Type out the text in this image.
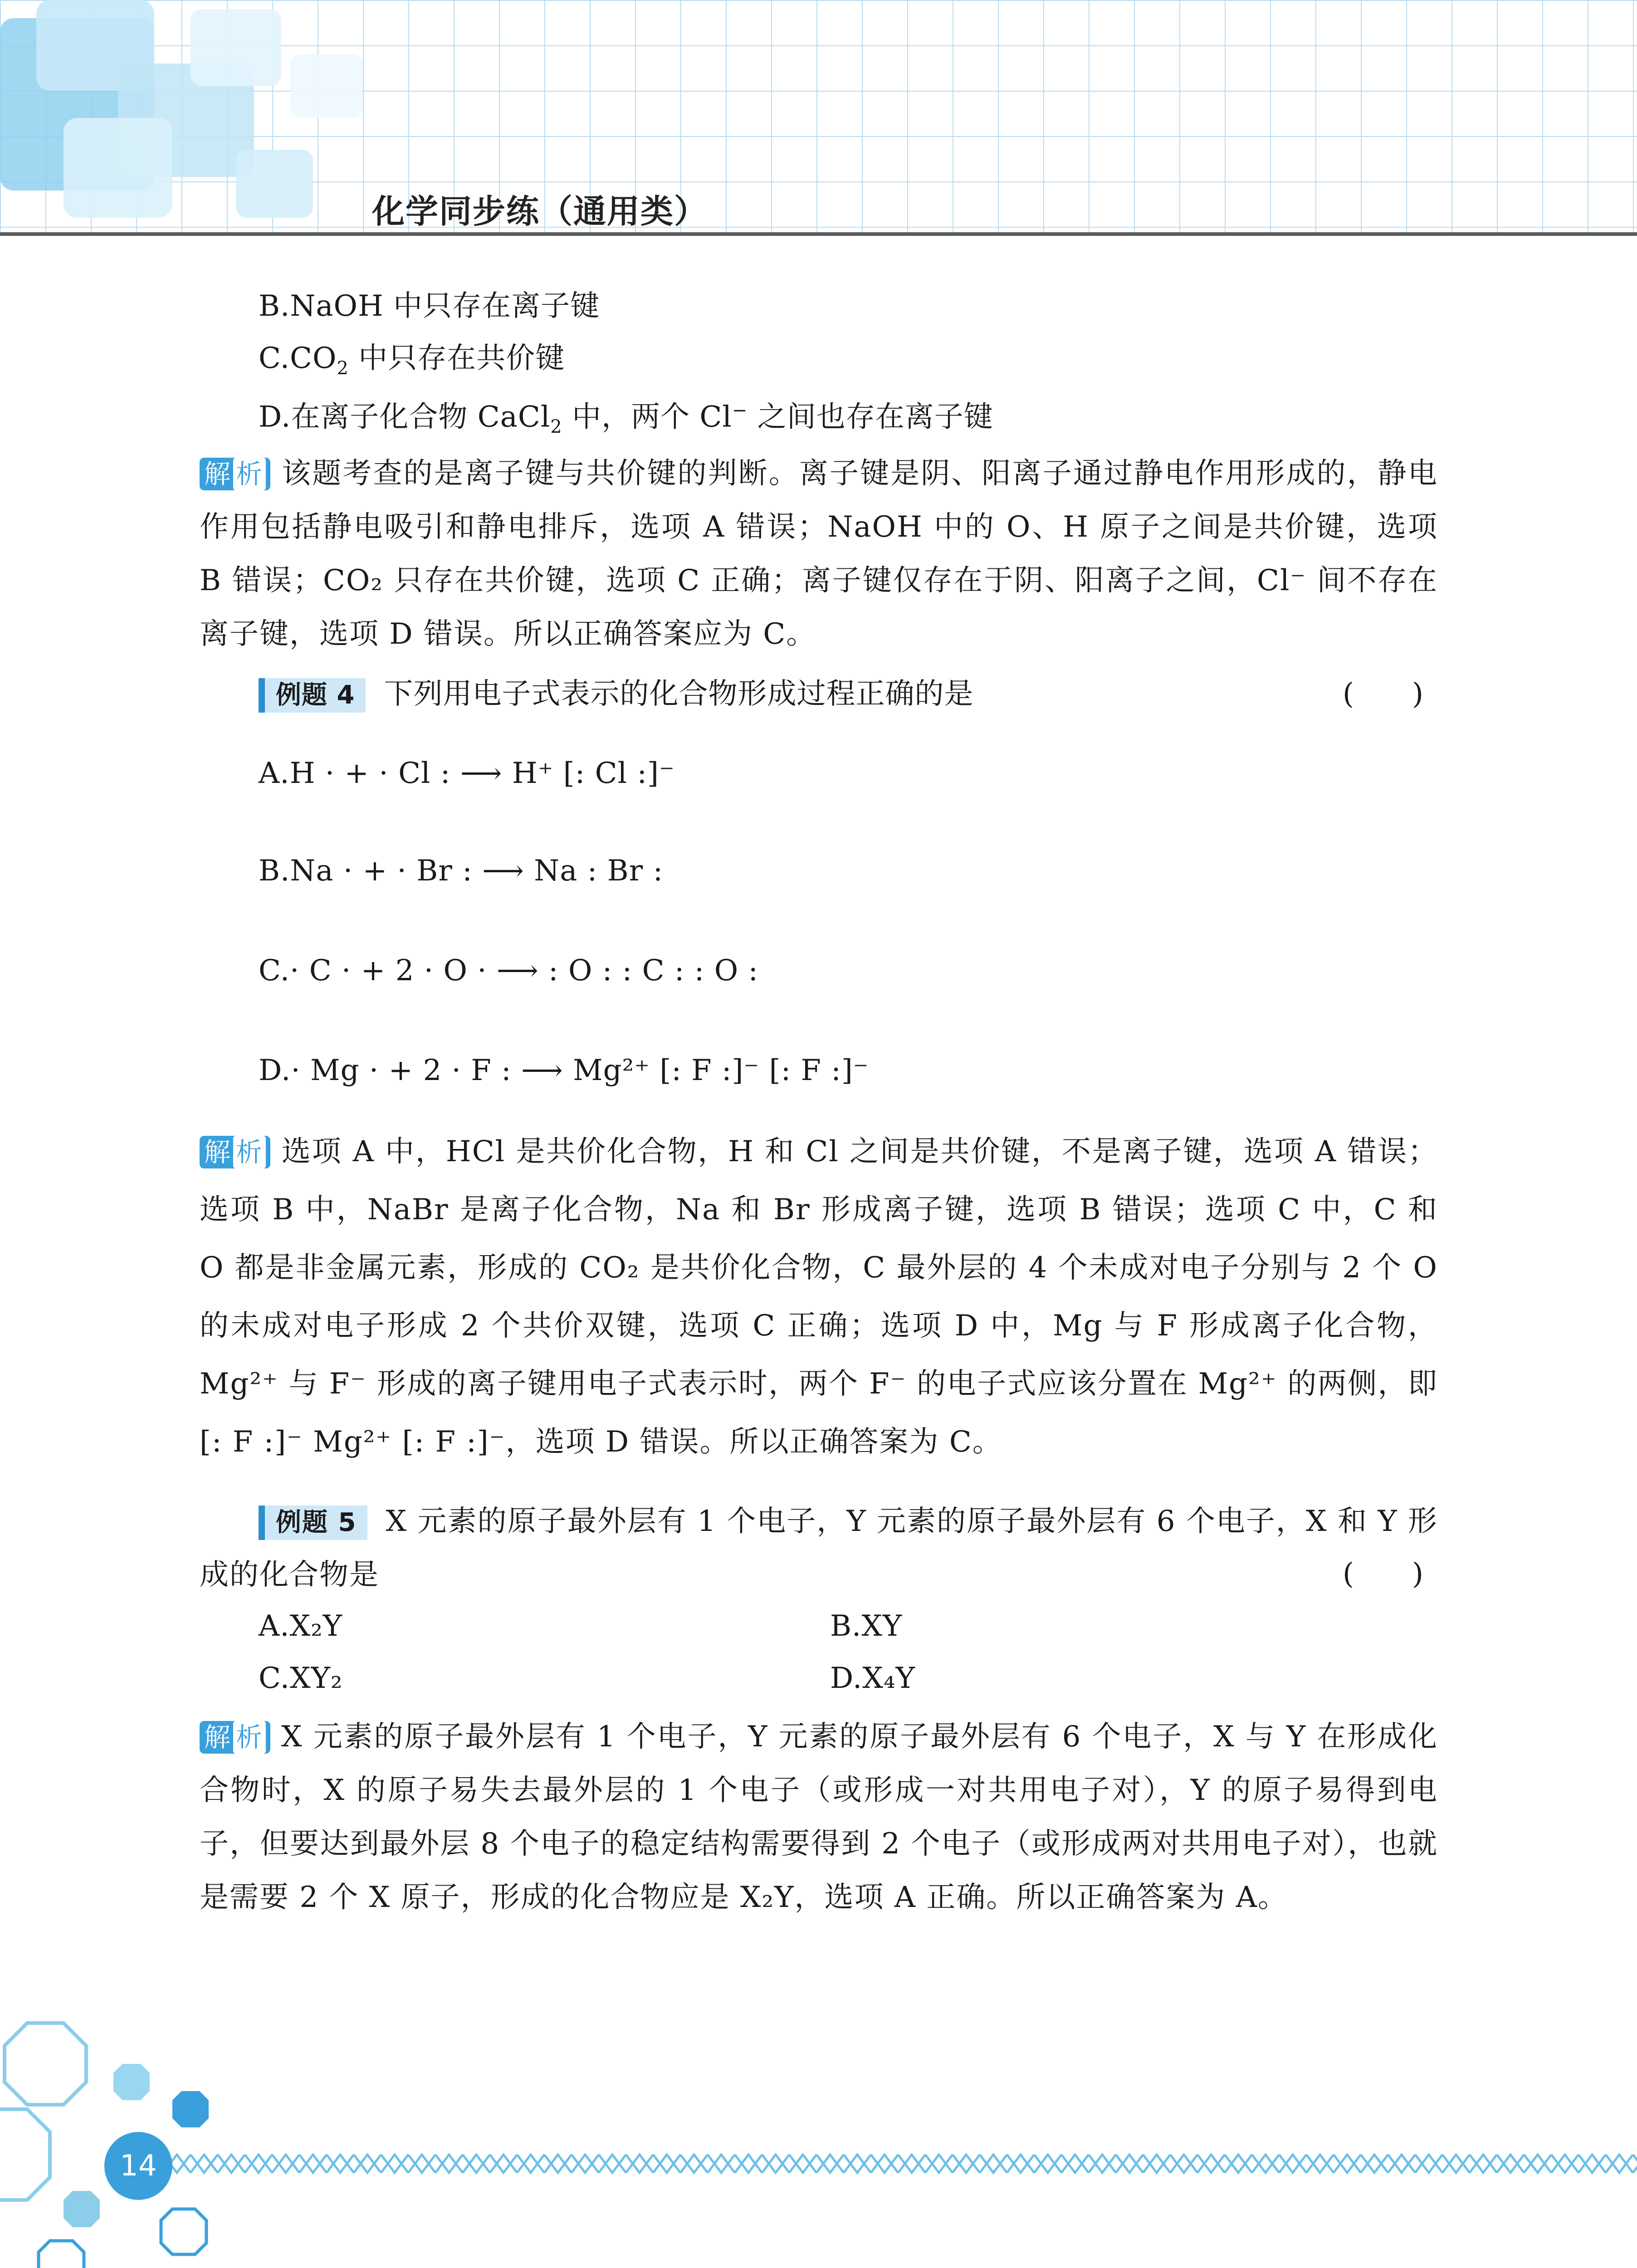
化学同步练（通用类）
B.NaOH 中只存在离子键
$C.CO_2$ 中只存在共价键
D.在离子化合物 CaCl$_2$ 中，两个 Cl− 之间也存在离子键
解 析 该题考查的是离子键与共价键的判断。离子键是阴、阳离子通过静电作用形成的，静电作用包括静电吸引和静电排斥，选项 A 错误；NaOH 中的 O、H 原子之间是共价键，选项 B 错误；CO₂ 只存在共价键，选项 C 正确；离子键仅存在于阴、阳离子之间，Cl⁻ 间不存在离子键，选项 D 错误。所以正确答案应为 C。
例题 4 下列用电子式表示的化合物形成过程正确的是	(　　)
A.H · + · Cl : ⟶ H⁺ [: Cl :]⁻
B.Na · + · Br : ⟶ Na : Br :
C.· C · + 2 · O · ⟶ : O : : C : : O :
D.· Mg · + 2 · F : ⟶ Mg²⁺ [: F :]⁻ [: F :]⁻
解 析 选项 A 中，HCl 是共价化合物，H 和 Cl 之间是共价键，不是离子键，选项 A 错误；选项 B 中，NaBr 是离子化合物，Na 和 Br 形成离子键，选项 B 错误；选项 C 中，C 和 O 都是非金属元素，形成的 CO₂ 是共价化合物，C 最外层的 4 个未成对电子分别与 2 个 O 的未成对电子形成 2 个共价双键，选项 C 正确；选项 D 中，Mg 与 F 形成离子化合物，Mg²⁺ 与 F⁻ 形成的离子键用电子式表示时，两个 F⁻ 的电子式应该分置在 Mg²⁺ 的两侧，即 [: F :]⁻ Mg²⁺ [: F :]⁻，选项 D 错误。所以正确答案为 C。
例题 5 X 元素的原子最外层有 1 个电子，Y 元素的原子最外层有 6 个电子，X 和 Y 形成的化合物是	(　　)
A.X₂Y	B.XY
C.XY₂	D.X₄Y
解 析 X 元素的原子最外层有 1 个电子，Y 元素的原子最外层有 6 个电子，X 与 Y 在形成化合物时，X 的原子易失去最外层的 1 个电子（或形成一对共用电子对），Y 的原子易得到电子，但要达到最外层 8 个电子的稳定结构需要得到 2 个电子（或形成两对共用电子对），也就是需要 2 个 X 原子，形成的化合物应是 X₂Y，选项 A 正确。所以正确答案为 A。
14
